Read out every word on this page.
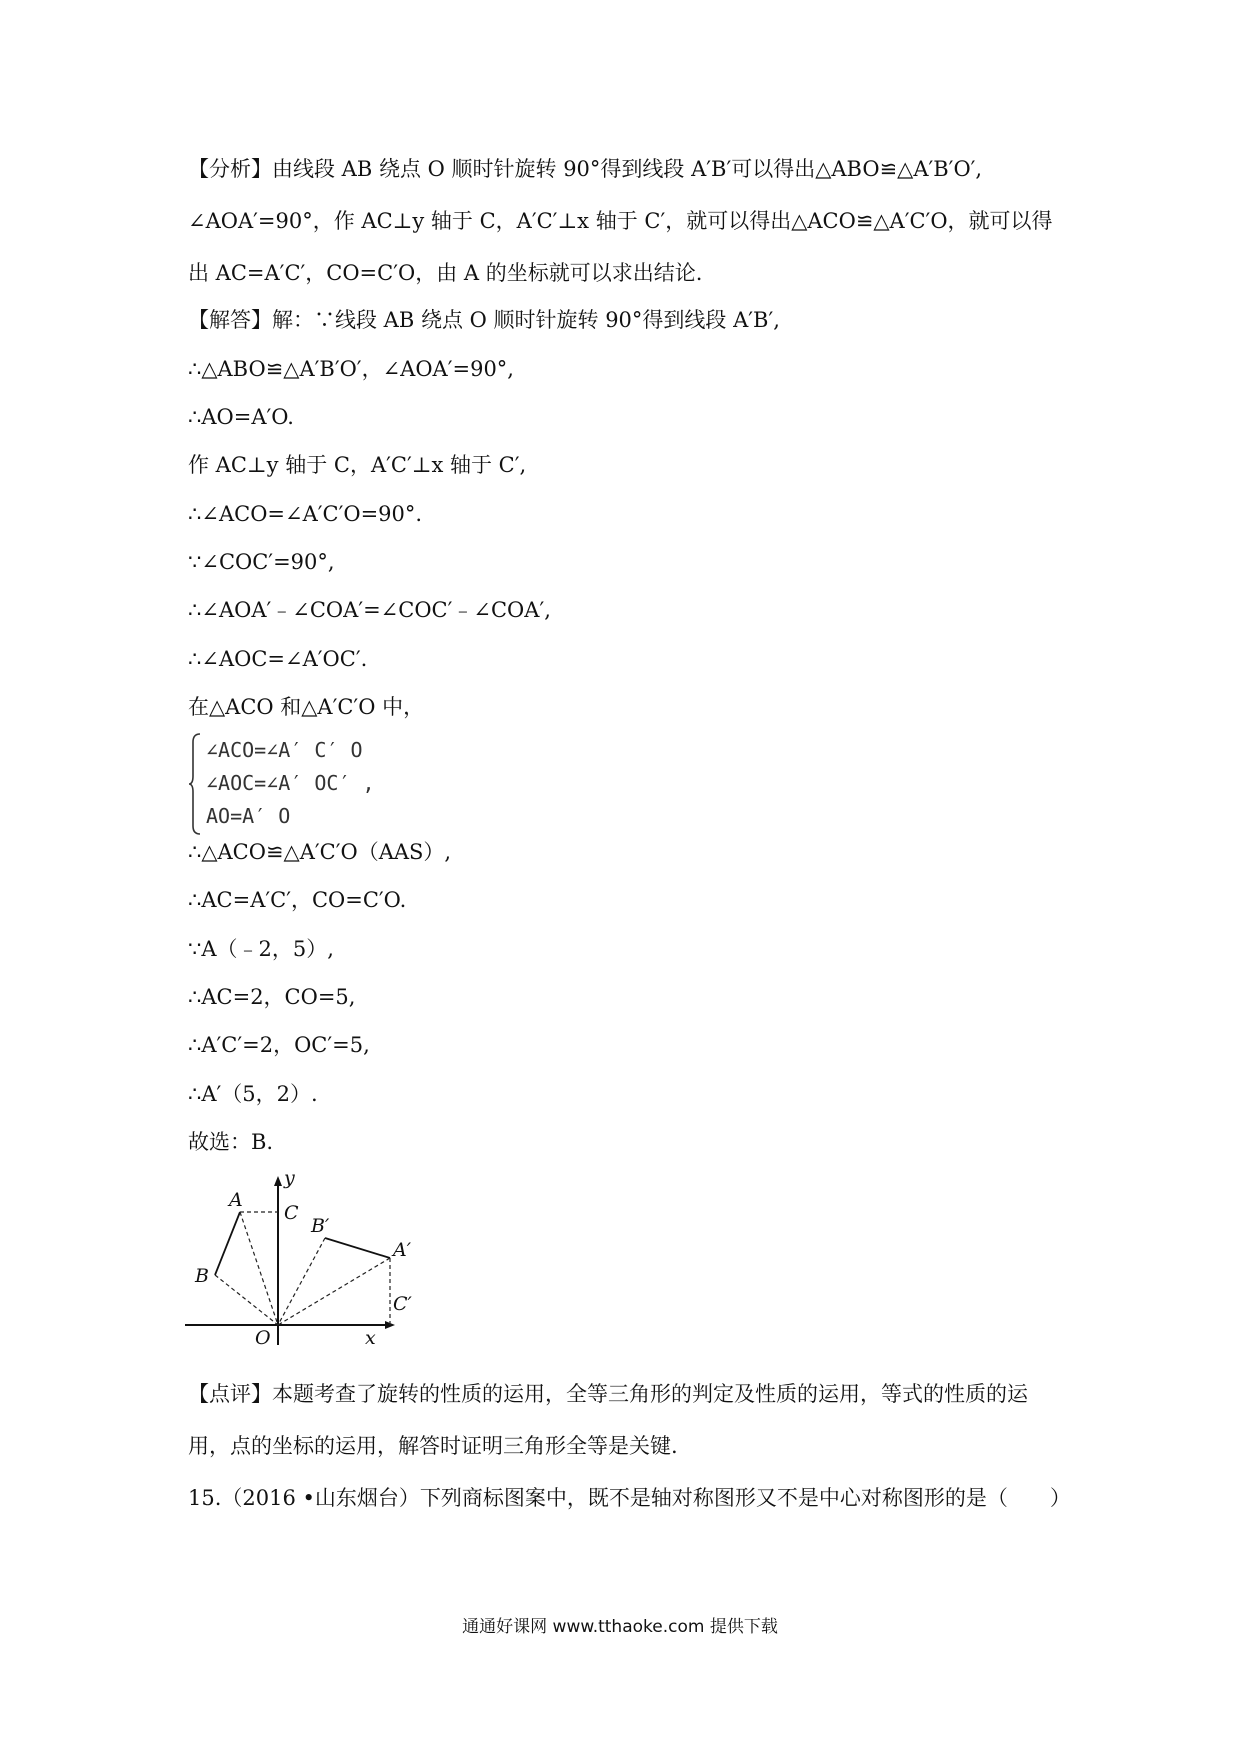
【分析】由线段 AB 绕点 O 顺时针旋转 90°得到线段 A′B′可以得出△ABO≌△A′B′O′,
∠AOA′=90°，作 AC⊥y 轴于 C，A′C′⊥x 轴于 C′，就可以得出△ACO≌△A′C′O，就可以得
出 AC=A′C′，CO=C′O，由 A 的坐标就可以求出结论.
【解答】解：∵线段 AB 绕点 O 顺时针旋转 90°得到线段 A′B′,
∴△ABO≌△A′B′O′，∠AOA′=90°,
∴AO=A′O.
作 AC⊥y 轴于 C，A′C′⊥x 轴于 C′,
∴∠ACO=∠A′C′O=90°.
∵∠COC′=90°,
∴∠AOA′﹣∠COA′=∠COC′﹣∠COA′,
∴∠AOC=∠A′OC′.
在△ACO 和△A′C′O 中，
∠ACO=∠A′ C′ O
∠AOC=∠A′ OC′ ,
AO=A′ O
∴△ACO≌△A′C′O（AAS）,
∴AC=A′C′，CO=C′O.
∵A（﹣2，5）,
∴AC=2，CO=5,
∴A′C′=2，OC′=5,
∴A′（5，2）.
故选：B.
y
x
A
C
B
O
B′
A′
C′
【点评】本题考查了旋转的性质的运用，全等三角形的判定及性质的运用，等式的性质的运
用，点的坐标的运用，解答时证明三角形全等是关键.
15.（2016 •山东烟台）下列商标图案中，既不是轴对称图形又不是中心对称图形的是（　　）
通通好课网 www.tthaoke.com 提供下载
